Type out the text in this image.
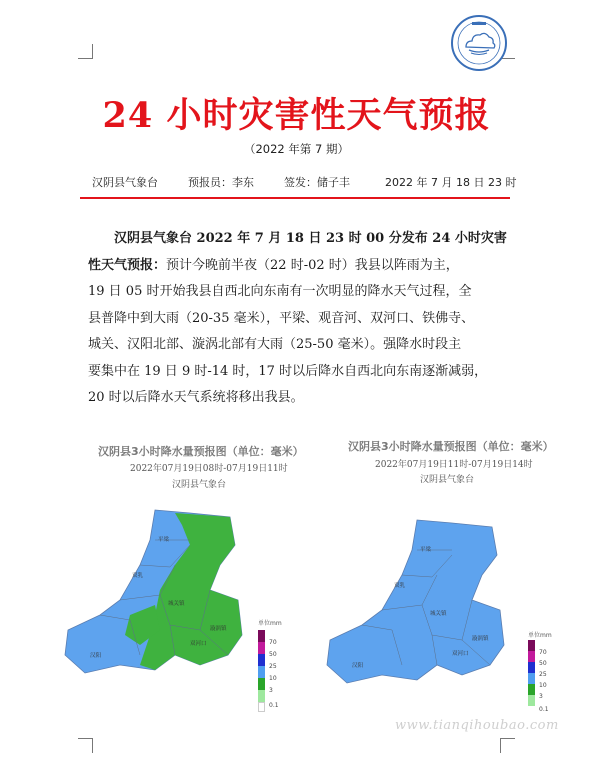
24 小时灾害性天气预报
（2022 年第 7 期）
汉阴县气象台	预报员：李东	签发：储子丰	2022 年 7 月 18 日 23 时
汉阴县气象台 2022 年 7 月 18 日 23 时 00 分发布 24 小时灾害
性天气预报：预计今晚前半夜（22 时-02 时）我县以阵雨为主，
19 日 05 时开始我县自西北向东南有一次明显的降水天气过程，全
县普降中到大雨（20-35 毫米），平梁、观音河、双河口、铁佛寺、
城关、汉阳北部、漩涡北部有大雨（25-50 毫米）。强降水时段主
要集中在 19 日 9 时-14 时，17 时以后降水自西北向东南逐渐减弱，
20 时以后降水天气系统将移出我县。
汉阴县3小时降水量预报图（单位：毫米）
2022年07月19日08时-07月19日11时
汉阴县气象台
平梁
双乳
城关镇
漩涡镇
双河口
汉阳
单位mm
70
50
25
10
3
0.1
汉阴县3小时降水量预报图（单位：毫米）
2022年07月19日11时-07月19日14时
汉阴县气象台
平梁
双乳
城关镇
漩涡镇
双河口
汉阳
单位mm
70
50
25
10
3
0.1
www.tianqihoubao.com
